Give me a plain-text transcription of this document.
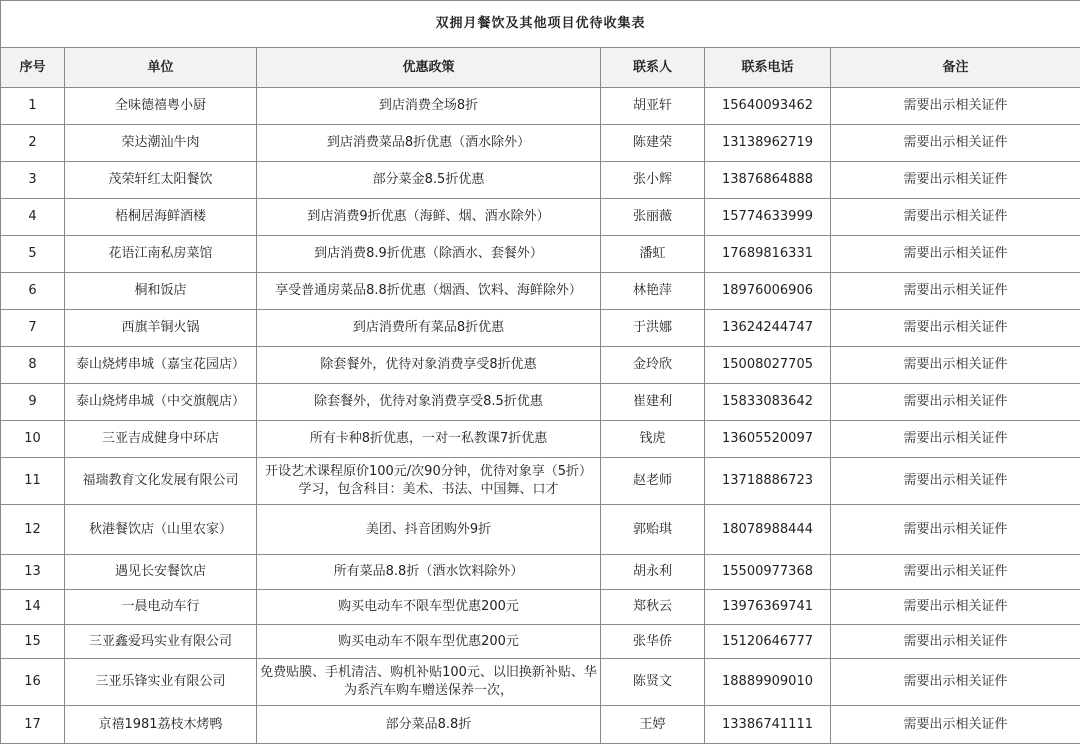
双拥月餐饮及其他项目优待收集表					
序号	单位	优惠政策	联系人	联系电话	备注
1	全味德禧粤小厨	到店消费全场8折	胡亚轩	15640093462	需要出示相关证件
2	荣达潮汕牛肉	到店消费菜品8折优惠（酒水除外）	陈建荣	13138962719	需要出示相关证件
3	茂荣轩红太阳餐饮	部分菜金8.5折优惠	张小辉	13876864888	需要出示相关证件
4	梧桐居海鲜酒楼	到店消费9折优惠（海鲜、烟、酒水除外）	张丽薇	15774633999	需要出示相关证件
5	花语江南私房菜馆	到店消费8.9折优惠（除酒水、套餐外）	潘虹	17689816331	需要出示相关证件
6	桐和饭店	享受普通房菜品8.8折优惠（烟酒、饮料、海鲜除外）	林艳萍	18976006906	需要出示相关证件
7	西旗羊铜火锅	到店消费所有菜品8折优惠	于洪娜	13624244747	需要出示相关证件
8	泰山烧烤串城（嘉宝花园店）	除套餐外，优待对象消费享受8折优惠	金玲欣	15008027705	需要出示相关证件
9	泰山烧烤串城（中交旗舰店）	除套餐外，优待对象消费享受8.5折优惠	崔建利	15833083642	需要出示相关证件
10	三亚吉成健身中环店	所有卡种8折优惠，一对一私教课7折优惠	钱虎	13605520097	需要出示相关证件
11	福瑞教育文化发展有限公司	开设艺术课程原价100元/次90分钟，优待对象享（5折）学习，包含科目：美术、书法、中国舞、口才	赵老师	13718886723	需要出示相关证件
12	秋港餐饮店（山里农家）	美团、抖音团购外9折	郭贻琪	18078988444	需要出示相关证件
13	遇见长安餐饮店	所有菜品8.8折（酒水饮料除外）	胡永利	15500977368	需要出示相关证件
14	一晨电动车行	购买电动车不限车型优惠200元	郑秋云	13976369741	需要出示相关证件
15	三亚鑫爱玛实业有限公司	购买电动车不限车型优惠200元	张华侨	15120646777	需要出示相关证件
16	三亚乐锋实业有限公司	免费贴膜、手机清洁、购机补贴100元、以旧换新补贴、华为系汽车购车赠送保养一次，	陈贤文	18889909010	需要出示相关证件
17	京禧1981荔枝木烤鸭	部分菜品8.8折	王婷	13386741111	需要出示相关证件
